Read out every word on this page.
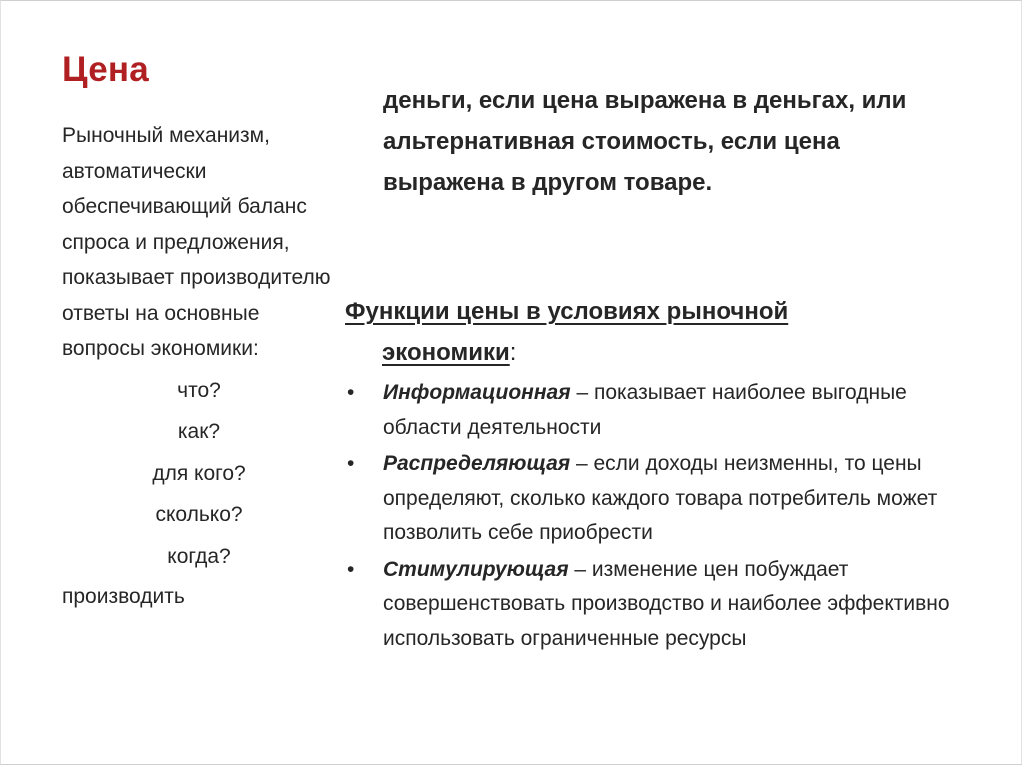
Цена

Рыночный механизм, автоматически обеспечивающий баланс спроса и предложения, показывает производителю ответы на основные вопросы экономики:

что?
как?
для кого?
сколько?
когда?

производить

деньги, если цена выражена в деньгах, или альтернативная стоимость, если цена выражена в другом товаре.

Функции цены в условиях рыночной
экономики:
• Информационная – показывает наиболее выгодные области деятельности
• Распределяющая – если доходы неизменны, то цены определяют, сколько каждого товара потребитель может позволить себе приобрести
• Стимулирующая – изменение цен побуждает совершенствовать производство и наиболее эффективно использовать ограниченные ресурсы
